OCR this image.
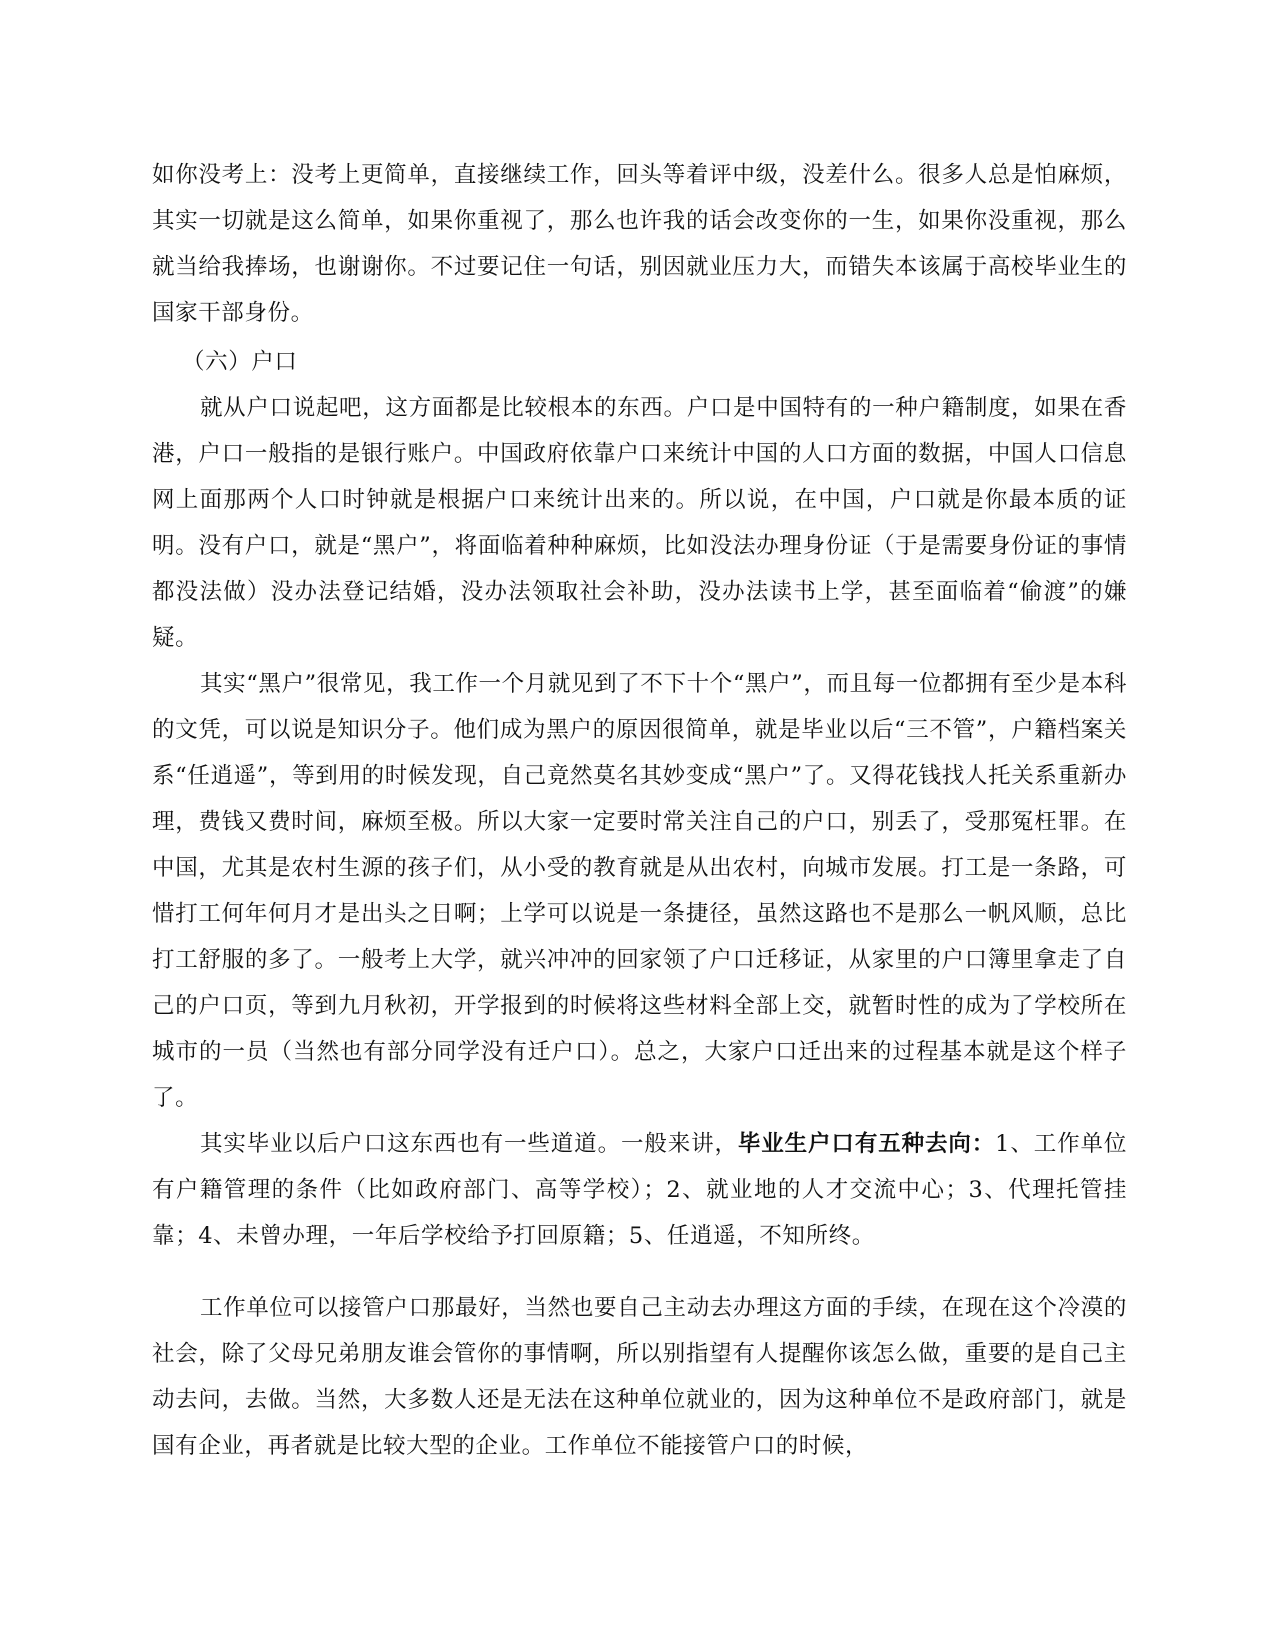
如你没考上：没考上更简单，直接继续工作，回头等着评中级，没差什么。很多人总是怕麻烦，其实一切就是这么简单，如果你重视了，那么也许我的话会改变你的一生，如果你没重视，那么就当给我捧场，也谢谢你。不过要记住一句话，别因就业压力大，而错失本该属于高校毕业生的国家干部身份。

（六）户口

就从户口说起吧，这方面都是比较根本的东西。户口是中国特有的一种户籍制度，如果在香港，户口一般指的是银行账户。中国政府依靠户口来统计中国的人口方面的数据，中国人口信息网上面那两个人口时钟就是根据户口来统计出来的。所以说，在中国，户口就是你最本质的证明。没有户口，就是“黑户”，将面临着种种麻烦，比如没法办理身份证（于是需要身份证的事情都没法做）没办法登记结婚，没办法领取社会补助，没办法读书上学，甚至面临着“偷渡”的嫌疑。

其实“黑户”很常见，我工作一个月就见到了不下十个“黑户”，而且每一位都拥有至少是本科的文凭，可以说是知识分子。他们成为黑户的原因很简单，就是毕业以后“三不管”，户籍档案关系“任逍遥”，等到用的时候发现，自己竟然莫名其妙变成“黑户”了。又得花钱找人托关系重新办理，费钱又费时间，麻烦至极。所以大家一定要时常关注自己的户口，别丢了，受那冤枉罪。在中国，尤其是农村生源的孩子们，从小受的教育就是从出农村，向城市发展。打工是一条路，可惜打工何年何月才是出头之日啊；上学可以说是一条捷径，虽然这路也不是那么一帆风顺，总比打工舒服的多了。一般考上大学，就兴冲冲的回家领了户口迁移证，从家里的户口簿里拿走了自己的户口页，等到九月秋初，开学报到的时候将这些材料全部上交，就暂时性的成为了学校所在城市的一员（当然也有部分同学没有迁户口）。总之，大家户口迁出来的过程基本就是这个样子了。

其实毕业以后户口这东西也有一些道道。一般来讲，毕业生户口有五种去向：1、工作单位有户籍管理的条件（比如政府部门、高等学校）；2、就业地的人才交流中心；3、代理托管挂靠；4、未曾办理，一年后学校给予打回原籍；5、任逍遥，不知所终。

工作单位可以接管户口那最好，当然也要自己主动去办理这方面的手续，在现在这个冷漠的社会，除了父母兄弟朋友谁会管你的事情啊，所以别指望有人提醒你该怎么做，重要的是自己主动去问，去做。当然，大多数人还是无法在这种单位就业的，因为这种单位不是政府部门，就是国有企业，再者就是比较大型的企业。工作单位不能接管户口的时候，
